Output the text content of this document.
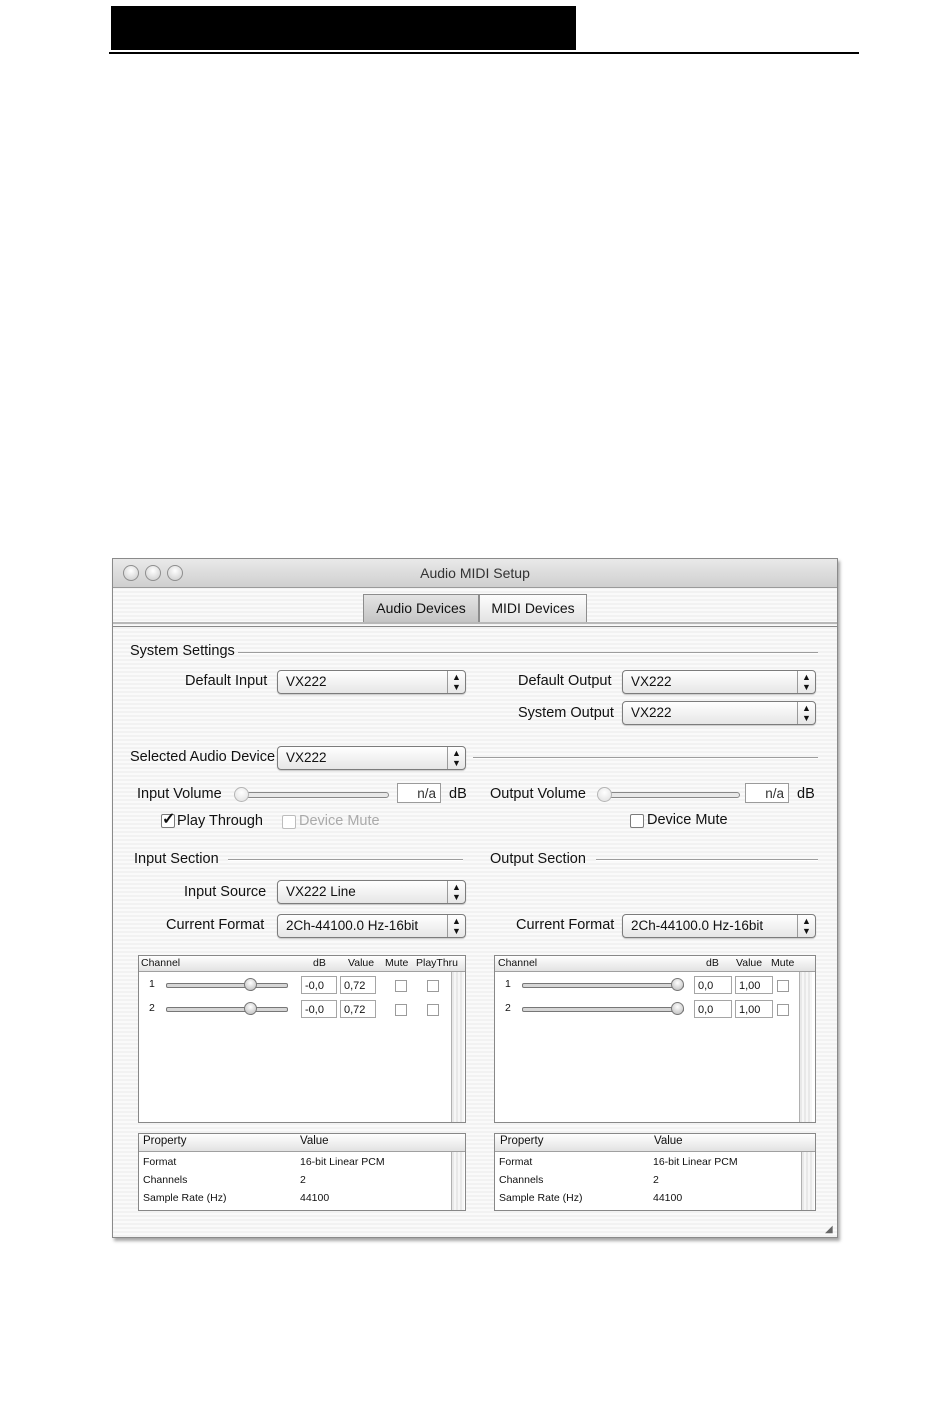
Audio MIDI Setup
Audio Devices	MIDI Devices
System Settings
Default Input VX222	▲
▼	Default Output VX222	▲
▼
System Output VX222	▲
▼
Selected Audio Device VX222	▲
▼
Input Volume	n/a dB Output Volume	n/a dB
✓ Play Through Device Mute	Device Mute
Input Section	Output Section
Input Source VX222 Line	▲
▼
Current Format 2Ch-44100.0 Hz-16bit	▲
▼	Current Format 2Ch-44100.0 Hz-16bit	▲
▼
Channel	dB Value Mute PlayThru
1	-0,0	0,72
2	-0,0	0,72
Channel	dB Value Mute
1	0,0	1,00
2	0,0	1,00
Property	Value
Format	16-bit Linear PCM
Channels	2
Sample Rate (Hz)	44100
Property	Value
Format	16-bit Linear PCM
Channels	2
Sample Rate (Hz)	44100
◢
